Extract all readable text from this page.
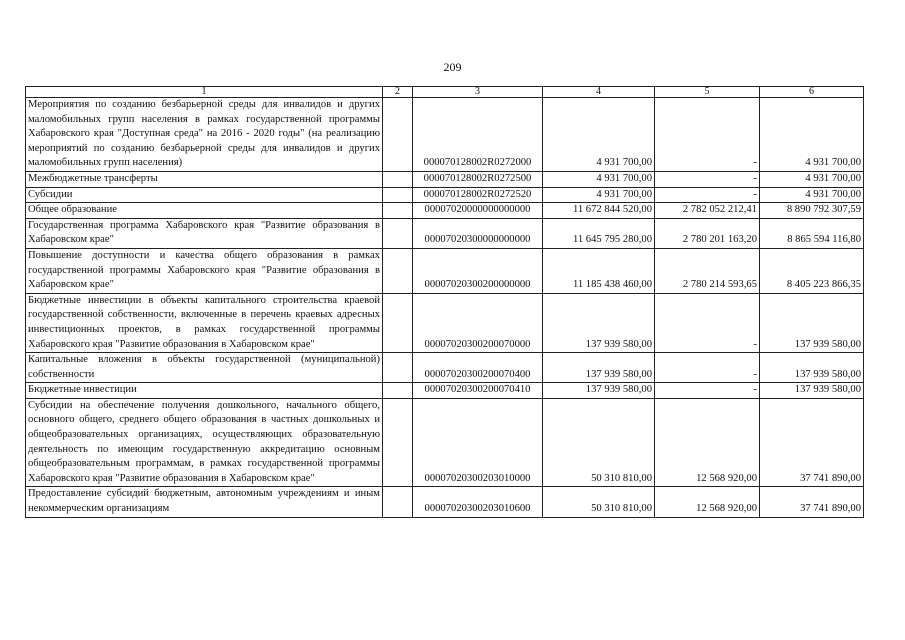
209
1	2	3	4	5	6
Мероприятия по созданию безбарьерной среды для инвалидов и других маломобильных групп населения в рамках государственной программы Хабаровского края "Доступная среда" на 2016 - 2020 годы" (на реализацию мероприятий по созданию безбарьерной среды для инвалидов и других маломобильных групп населения)		000070128002R0272000	4 931 700,00	-	4 931 700,00
Межбюджетные трансферты		000070128002R0272500	4 931 700,00	-	4 931 700,00
Субсидии		000070128002R0272520	4 931 700,00	-	4 931 700,00
Общее образование		00007020000000000000	11 672 844 520,00	2 782 052 212,41	8 890 792 307,59
Государственная программа Хабаровского края "Развитие образования в Хабаровском крае"		00007020300000000000	11 645 795 280,00	2 780 201 163,20	8 865 594 116,80
Повышение доступности и качества общего образования в рамках государственной программы Хабаровского края "Развитие образования в Хабаровском крае"		00007020300200000000	11 185 438 460,00	2 780 214 593,65	8 405 223 866,35
Бюджетные инвестиции в объекты капитального строительства краевой государственной собственности, включенные в перечень краевых адресных инвестиционных проектов, в рамках государственной программы Хабаровского края "Развитие образования в Хабаровском крае"		00007020300200070000	137 939 580,00	-	137 939 580,00
Капитальные вложения в объекты государственной (муниципальной) собственности		00007020300200070400	137 939 580,00	-	137 939 580,00
Бюджетные инвестиции		00007020300200070410	137 939 580,00	-	137 939 580,00
Субсидии на обеспечение получения дошкольного, начального общего, основного общего, среднего общего образования в частных дошкольных и общеобразовательных организациях, осуществляющих образовательную деятельность по имеющим государственную аккредитацию основным общеобразовательным программам, в рамках государственной программы Хабаровского края "Развитие образования в Хабаровском крае"		00007020300203010000	50 310 810,00	12 568 920,00	37 741 890,00
Предоставление субсидий бюджетным, автономным учреждениям и иным некоммерческим организациям		00007020300203010600	50 310 810,00	12 568 920,00	37 741 890,00
